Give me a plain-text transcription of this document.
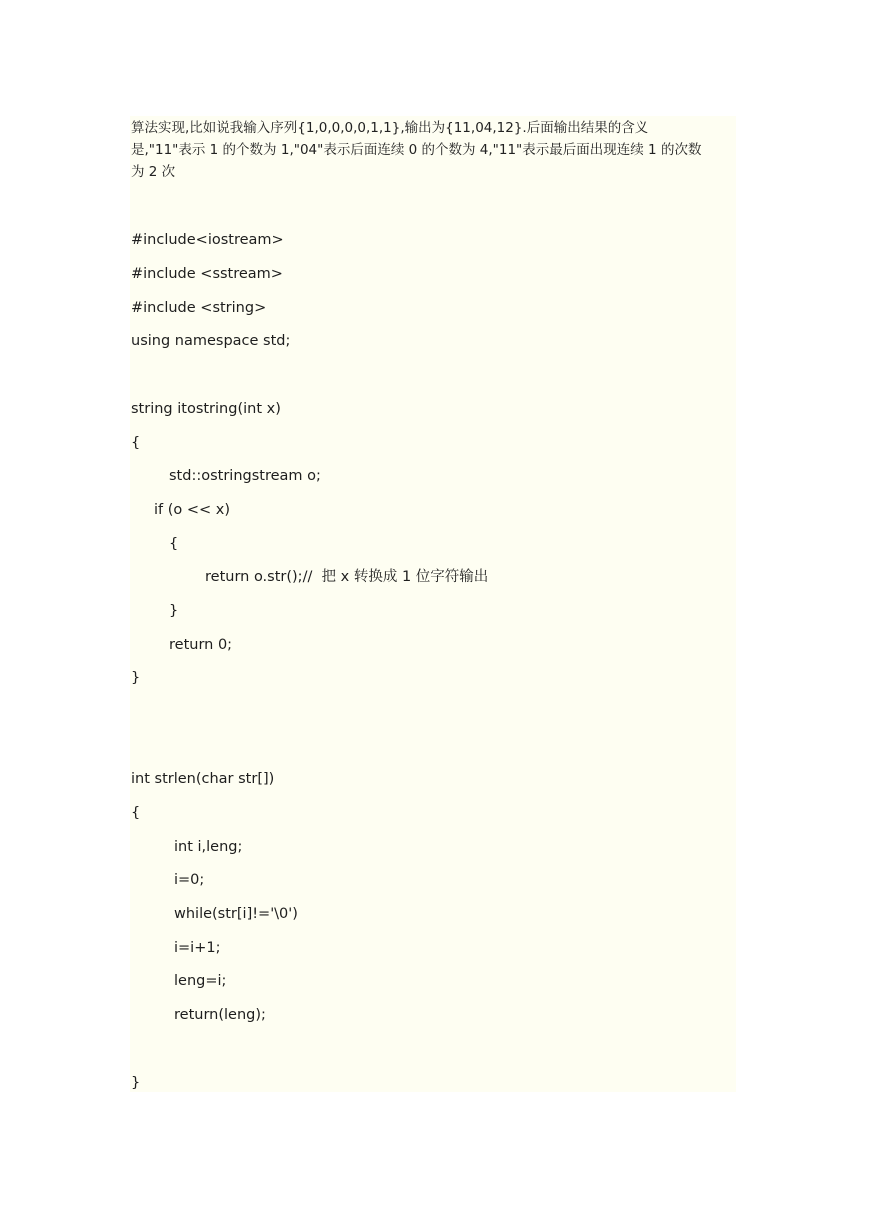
算法实现,比如说我输入序列{1,0,0,0,0,1,1},输出为{11,04,12}.后面输出结果的含义
是,"11"表示 1 的个数为 1,"04"表示后面连续 0 的个数为 4,"11"表示最后面出现连续 1 的次数
为 2 次
#include<iostream>
#include <sstream>
#include <string>
using namespace std;
string itostring(int x)
{
std::ostringstream o;
if (o << x)
{
return o.str();//  把 x 转换成 1 位字符输出
}
return 0;
}
int strlen(char str[])
{
int i,leng;
i=0;
while(str[i]!='\0')
i=i+1;
leng=i;
return(leng);
}
